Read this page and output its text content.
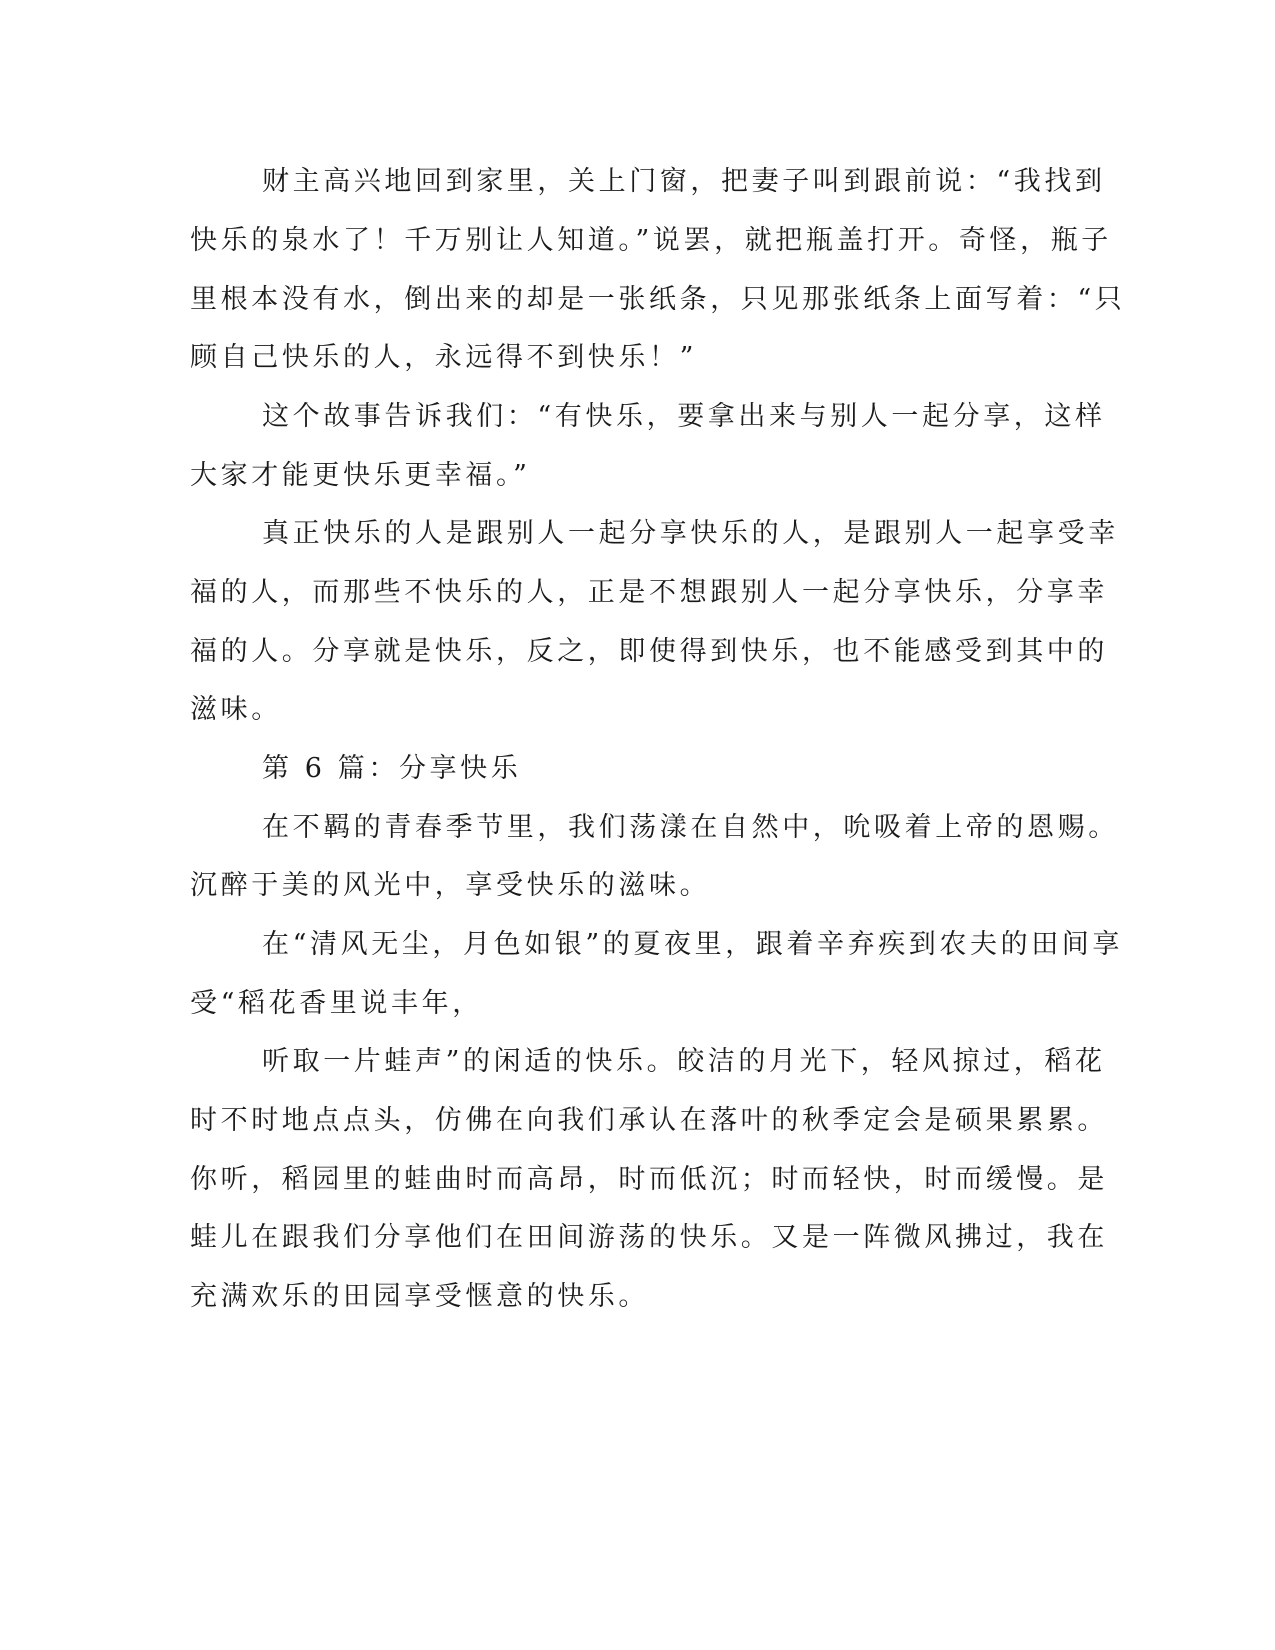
财主高兴地回到家里，关上门窗，把妻子叫到跟前说：“我找到
快乐的泉水了！千万别让人知道。”说罢，就把瓶盖打开。奇怪，瓶子
里根本没有水，倒出来的却是一张纸条，只见那张纸条上面写着：“只
顾自己快乐的人，永远得不到快乐！”
这个故事告诉我们：“有快乐，要拿出来与别人一起分享，这样
大家才能更快乐更幸福。”
真正快乐的人是跟别人一起分享快乐的人，是跟别人一起享受幸
福的人，而那些不快乐的人，正是不想跟别人一起分享快乐，分享幸
福的人。分享就是快乐，反之，即使得到快乐，也不能感受到其中的
滋味。
第 6 篇：分享快乐
在不羁的青春季节里，我们荡漾在自然中，吮吸着上帝的恩赐。
沉醉于美的风光中，享受快乐的滋味。
在“清风无尘，月色如银”的夏夜里，跟着辛弃疾到农夫的田间享
受“稻花香里说丰年，
听取一片蛙声”的闲适的快乐。皎洁的月光下，轻风掠过，稻花
时不时地点点头，仿佛在向我们承认在落叶的秋季定会是硕果累累。
你听，稻园里的蛙曲时而高昂，时而低沉；时而轻快，时而缓慢。是
蛙儿在跟我们分享他们在田间游荡的快乐。又是一阵微风拂过，我在
充满欢乐的田园享受惬意的快乐。
